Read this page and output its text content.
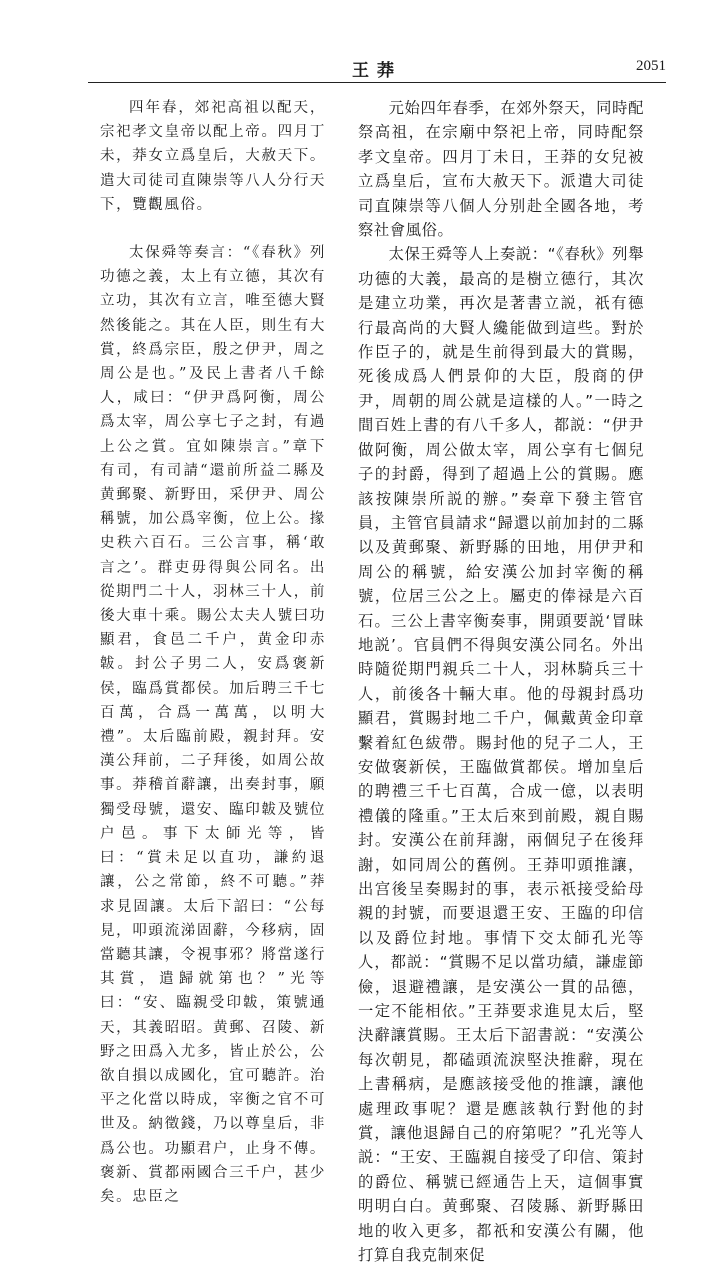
王莽	2051

四年春，郊祀高祖以配天，宗祀孝文皇帝以配上帝。四月丁未，莽女立爲皇后，大赦天下。遣大司徒司直陳崇等八人分行天下，覽觀風俗。

太保舜等奏言：“《春秋》列功德之義，太上有立德，其次有立功，其次有立言，唯至德大賢然後能之。其在人臣，則生有大賞，終爲宗臣，殷之伊尹，周之周公是也。”及民上書者八千餘人，咸曰：“伊尹爲阿衡，周公爲太宰，周公享七子之封，有過上公之賞。宜如陳崇言。”章下有司，有司請“還前所益二縣及黄郵聚、新野田，采伊尹、周公稱號，加公爲宰衡，位上公。掾史秩六百石。三公言事，稱‘敢言之’。群吏毋得與公同名。出從期門二十人，羽林三十人，前後大車十乘。賜公太夫人號曰功顯君，食邑二千户，黄金印赤韍。封公子男二人，安爲褒新侯，臨爲賞都侯。加后聘三千七百萬，合爲一萬萬，以明大禮”。太后臨前殿，親封拜。安漢公拜前，二子拜後，如周公故事。莽稽首辭讓，出奏封事，願獨受母號，還安、臨印韍及號位户邑。事下太師光等，皆曰：“賞未足以直功，謙約退讓，公之常節，終不可聽。”莽求見固讓。太后下詔曰：“公每見，叩頭流涕固辭，今移病，固當聽其讓，令視事邪？將當遂行其賞，遣歸就第也？”光等曰：“安、臨親受印韍，策號通天，其義昭昭。黄郵、召陵、新野之田爲入尤多，皆止於公，公欲自損以成國化，宜可聽許。治平之化當以時成，宰衡之官不可世及。納徵錢，乃以尊皇后，非爲公也。功顯君户，止身不傳。褒新、賞都兩國合三千户，甚少矣。忠臣之

元始四年春季，在郊外祭天，同時配祭高祖，在宗廟中祭祀上帝，同時配祭孝文皇帝。四月丁未日，王莽的女兒被立爲皇后，宣布大赦天下。派遣大司徒司直陳崇等八個人分别赴全國各地，考察社會風俗。

太保王舜等人上奏説：“《春秋》列舉功德的大義，最高的是樹立德行，其次是建立功業，再次是著書立説，祇有德行最高尚的大賢人纔能做到這些。對於作臣子的，就是生前得到最大的賞賜，死後成爲人們景仰的大臣，殷商的伊尹，周朝的周公就是這樣的人。”一時之間百姓上書的有八千多人，都説：“伊尹做阿衡，周公做太宰，周公享有七個兒子的封爵，得到了超過上公的賞賜。應該按陳崇所説的辦。”奏章下發主管官員，主管官員請求“歸還以前加封的二縣以及黄郵聚、新野縣的田地，用伊尹和周公的稱號，給安漢公加封宰衡的稱號，位居三公之上。屬吏的俸禄是六百石。三公上書宰衡奏事，開頭要説‘冒昧地説’。官員們不得與安漢公同名。外出時隨從期門親兵二十人，羽林騎兵三十人，前後各十輛大車。他的母親封爲功顯君，賞賜封地二千户，佩戴黄金印章繫着紅色紱帶。賜封他的兒子二人，王安做褒新侯，王臨做賞都侯。增加皇后的聘禮三千七百萬，合成一億，以表明禮儀的隆重。”王太后來到前殿，親自賜封。安漢公在前拜謝，兩個兒子在後拜謝，如同周公的舊例。王莽叩頭推讓，出宫後呈奏賜封的事，表示祇接受給母親的封號，而要退還王安、王臨的印信以及爵位封地。事情下交太師孔光等人，都説：“賞賜不足以當功績，謙虚節儉，退避禮讓，是安漢公一貫的品德，一定不能相依。”王莽要求進見太后，堅決辭讓賞賜。王太后下詔書説：“安漢公每次朝見，都磕頭流淚堅決推辭，現在上書稱病，是應該接受他的推讓，讓他處理政事呢？還是應該執行對他的封賞，讓他退歸自己的府第呢？”孔光等人説：“王安、王臨親自接受了印信、策封的爵位、稱號已經通告上天，這個事實明明白白。黄郵聚、召陵縣、新野縣田地的收入更多，都祇和安漢公有關，他打算自我克制來促
